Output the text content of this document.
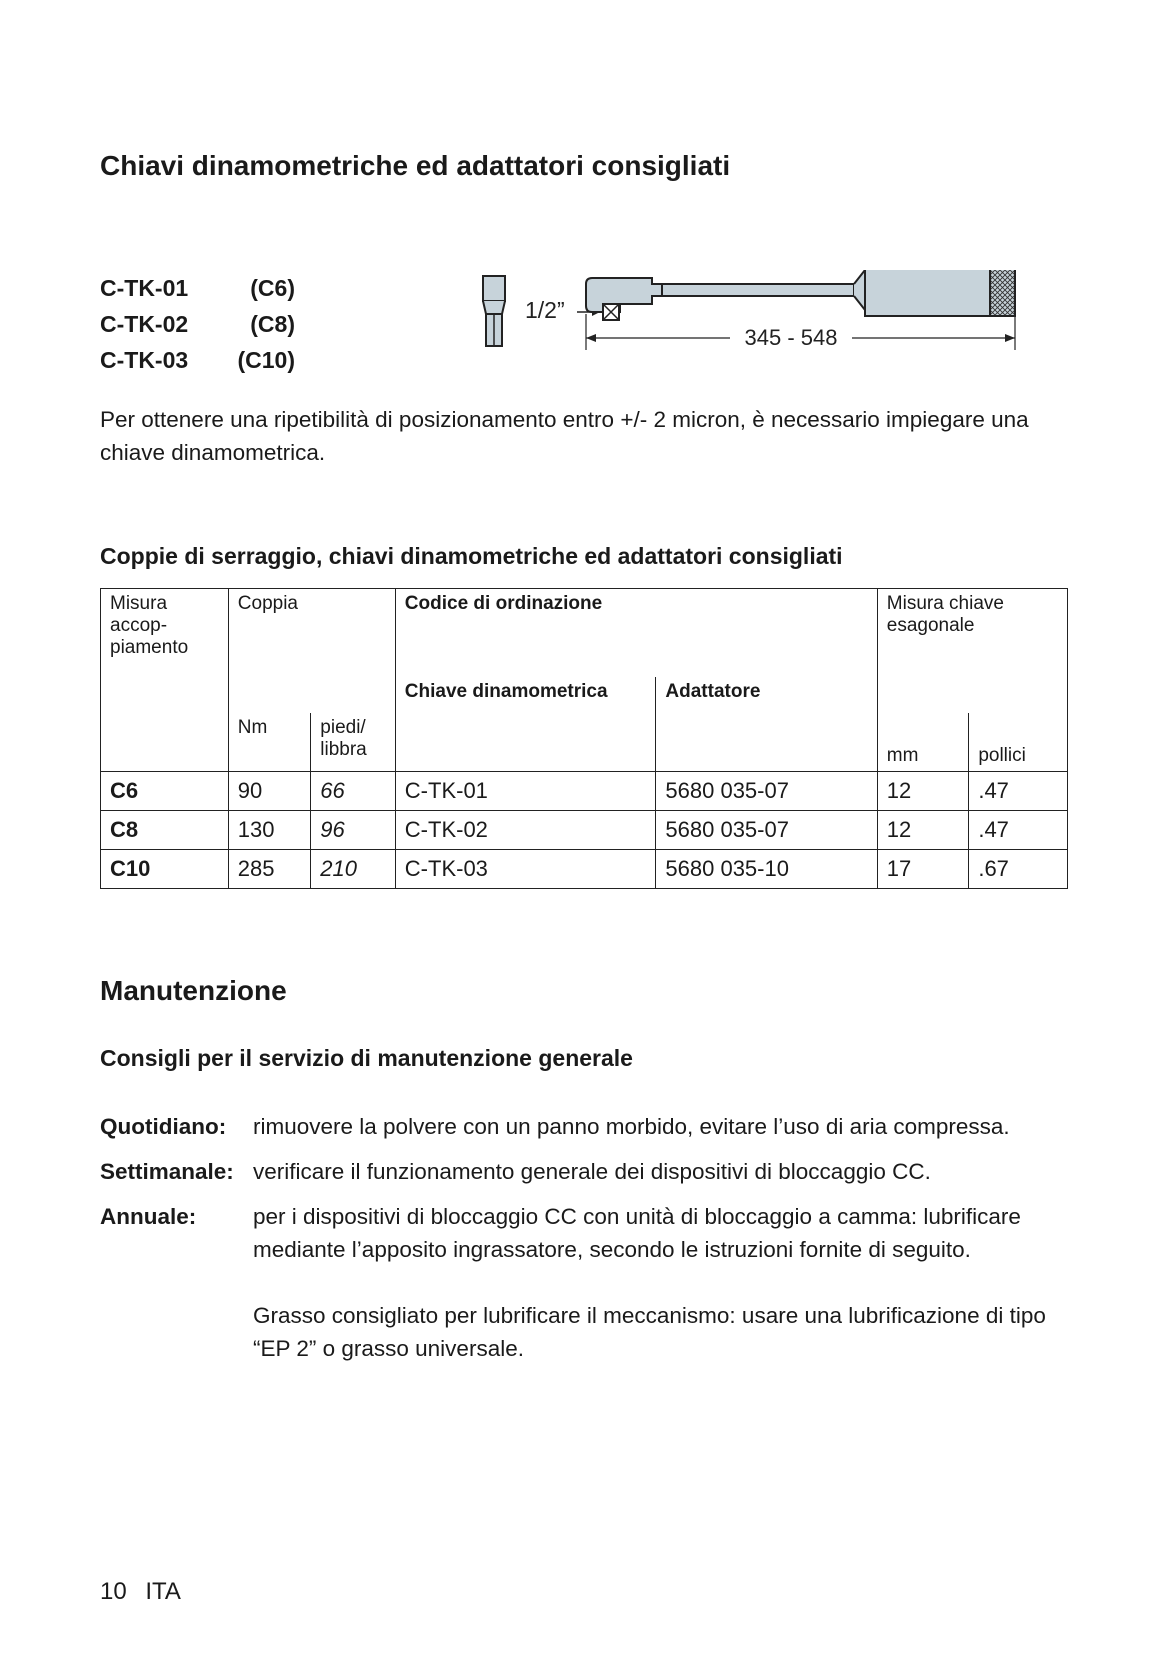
Chiavi dinamometriche ed adattatori consigliati
C-TK-01	(C6)
C-TK-02	(C8)
C-TK-03	(C10)
1/2”
345 - 548

Per ottenere una ripetibilità di posizionamento entro +/- 2 micron, è necessario impiegare una chiave dinamometrica.

Coppie di serraggio, chiavi dinamometriche ed adattatori consigliati
Misura accop-piamento	Coppia		Codice di ordinazione		Misura chiave esagonale	
			Chiave dinamometrica	Adattatore		
	Nm	piedi/ libbra			mm	pollici
C6	90	66	C-TK-01	5680 035-07	12	.47
C8	130	96	C-TK-02	5680 035-07	12	.47
C10	285	210	C-TK-03	5680 035-10	17	.67
Manutenzione
Consigli per il servizio di manutenzione generale
Quotidiano:	rimuovere la polvere con un panno morbido, evitare l’uso di aria compressa.
Settimanale: verificare il funzionamento generale dei dispositivi di bloccaggio CC.
Annuale:	per i dispositivi di bloccaggio CC con unità di bloccaggio a camma: lubrificare mediante l’apposito ingrassatore, secondo le istruzioni fornite di seguito.
Grasso consigliato per lubrificare il meccanismo: usare una lubrificazione di tipo “EP 2” o grasso universale.
10 ITA
